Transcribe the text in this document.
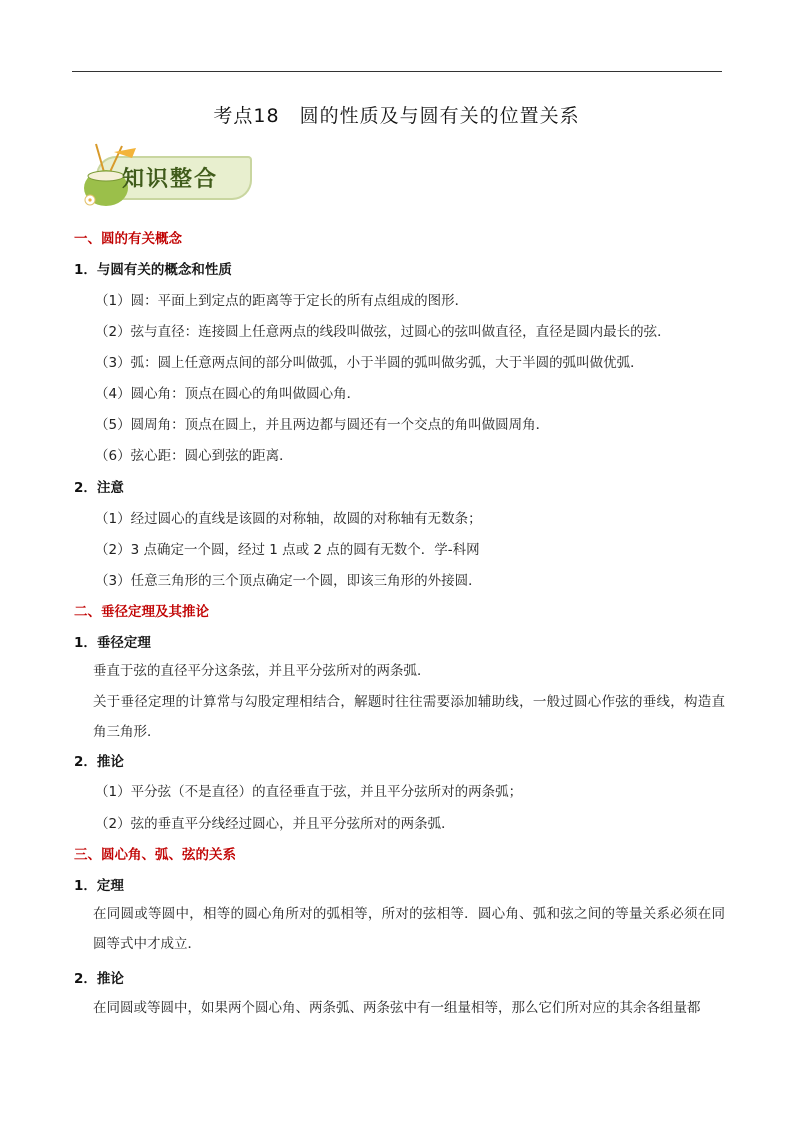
考点18　圆的性质及与圆有关的位置关系
知识整合
一、圆的有关概念
1．与圆有关的概念和性质
（1）圆：平面上到定点的距离等于定长的所有点组成的图形．
（2）弦与直径：连接圆上任意两点的线段叫做弦，过圆心的弦叫做直径，直径是圆内最长的弦．
（3）弧：圆上任意两点间的部分叫做弧，小于半圆的弧叫做劣弧，大于半圆的弧叫做优弧．
（4）圆心角：顶点在圆心的角叫做圆心角．
（5）圆周角：顶点在圆上，并且两边都与圆还有一个交点的角叫做圆周角．
（6）弦心距：圆心到弦的距离．
2．注意
（1）经过圆心的直线是该圆的对称轴，故圆的对称轴有无数条；
（2）3 点确定一个圆，经过 1 点或 2 点的圆有无数个．学-科网
（3）任意三角形的三个顶点确定一个圆，即该三角形的外接圆．
二、垂径定理及其推论
1．垂径定理
垂直于弦的直径平分这条弦，并且平分弦所对的两条弧．
关于垂径定理的计算常与勾股定理相结合，解题时往往需要添加辅助线，一般过圆心作弦的垂线，构造直角三角形．
2．推论
（1）平分弦（不是直径）的直径垂直于弦，并且平分弦所对的两条弧；
（2）弦的垂直平分线经过圆心，并且平分弦所对的两条弧．
三、圆心角、弧、弦的关系
1．定理
在同圆或等圆中，相等的圆心角所对的弧相等，所对的弦相等．圆心角、弧和弦之间的等量关系必须在同圆等式中才成立．
2．推论
在同圆或等圆中，如果两个圆心角、两条弧、两条弦中有一组量相等，那么它们所对应的其余各组量都
